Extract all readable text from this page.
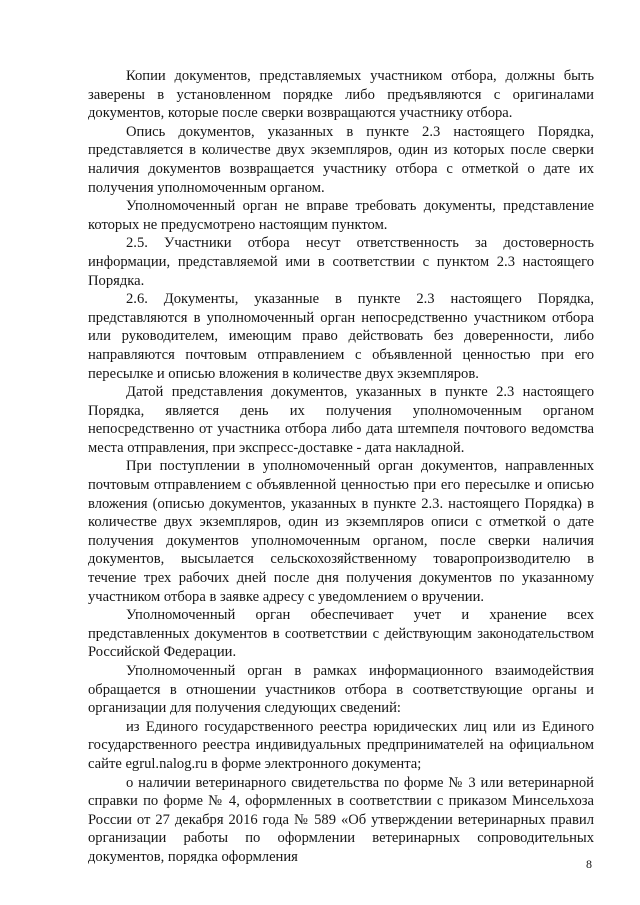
Копии документов, представляемых участником отбора, должны быть заверены в установленном порядке либо предъявляются с оригиналами документов, которые после сверки возвращаются участнику отбора.

Опись документов, указанных в пункте 2.3 настоящего Порядка, представляется в количестве двух экземпляров, один из которых после сверки наличия документов возвращается участнику отбора с отметкой о дате их получения уполномоченным органом.

Уполномоченный орган не вправе требовать документы, представление которых не предусмотрено настоящим пунктом.

2.5. Участники отбора несут ответственность за достоверность информации, представляемой ими в соответствии с пунктом 2.3 настоящего Порядка.

2.6. Документы, указанные в пункте 2.3 настоящего Порядка, представляются в уполномоченный орган непосредственно участником отбора или руководителем, имеющим право действовать без доверенности, либо направляются почтовым отправлением с объявленной ценностью при его пересылке и описью вложения в количестве двух экземпляров.

Датой представления документов, указанных в пункте 2.3 настоящего Порядка, является день их получения уполномоченным органом непосредственно от участника отбора либо дата штемпеля почтового ведомства места отправления, при экспресс-доставке - дата накладной.

При поступлении в уполномоченный орган документов, направленных почтовым отправлением с объявленной ценностью при его пересылке и описью вложения (описью документов, указанных в пункте 2.3. настоящего Порядка) в количестве двух экземпляров, один из экземпляров описи с отметкой о дате получения документов уполномоченным органом, после сверки наличия документов, высылается сельскохозяйственному товаропроизводителю в течение трех рабочих дней после дня получения документов по указанному участником отбора в заявке адресу с уведомлением о вручении.

Уполномоченный орган обеспечивает учет и хранение всех представленных документов в соответствии с действующим законодательством Российской Федерации.

Уполномоченный орган в рамках информационного взаимодействия обращается в отношении участников отбора в соответствующие органы и организации для получения следующих сведений:

из Единого государственного реестра юридических лиц или из Единого государственного реестра индивидуальных предпринимателей на официальном сайте egrul.nalog.ru в форме электронного документа;

о наличии ветеринарного свидетельства по форме № 3 или ветеринарной справки по форме № 4, оформленных в соответствии с приказом Минсельхоза России от 27 декабря 2016 года № 589 «Об утверждении ветеринарных правил организации работы по оформлении ветеринарных сопроводительных документов, порядка оформления	8
